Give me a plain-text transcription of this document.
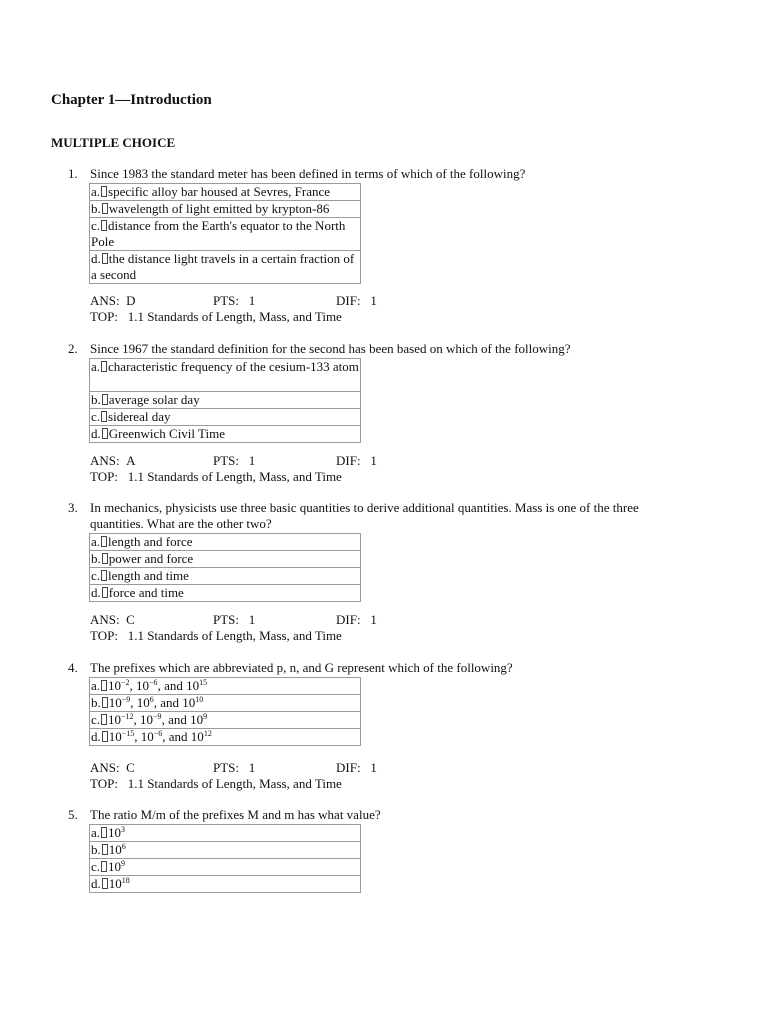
Chapter 1—Introduction
MULTIPLE CHOICE
1. Since 1983 the standard meter has been defined in terms of which of the following?
a. specific alloy bar housed at Sevres, France
b. wavelength of light emitted by krypton-86
c. distance from the Earth's equator to the North Pole
d. the distance light travels in a certain fraction of a second
ANS: D	PTS: 1	DIF: 1
TOP: 1.1 Standards of Length, Mass, and Time
2. Since 1967 the standard definition for the second has been based on which of the following?
a. characteristic frequency of the cesium-133 atom
b. average solar day
c. sidereal day
d. Greenwich Civil Time
ANS: A	PTS: 1	DIF: 1
TOP: 1.1 Standards of Length, Mass, and Time
3. In mechanics, physicists use three basic quantities to derive additional quantities. Mass is one of the three quantities. What are the other two?
a. length and force
b. power and force
c. length and time
d. force and time
ANS: C	PTS: 1	DIF: 1
TOP: 1.1 Standards of Length, Mass, and Time
4. The prefixes which are abbreviated p, n, and G represent which of the following?
a. $10^{-2}$, $10^{-6}$, and $10^{15}$
b. $10^{-9}$, $10^6$, and $10^{10}$
c. $10^{-12}$, $10^{-9}$, and $10^9$
d. $10^{-15}$, $10^{-6}$, and $10^{12}$
ANS: C	PTS: 1	DIF: 1
TOP: 1.1 Standards of Length, Mass, and Time
5. The ratio M/m of the prefixes M and m has what value?
a. $10^3$
b. $10^6$
c. $10^9$
d. $10^{18}$
